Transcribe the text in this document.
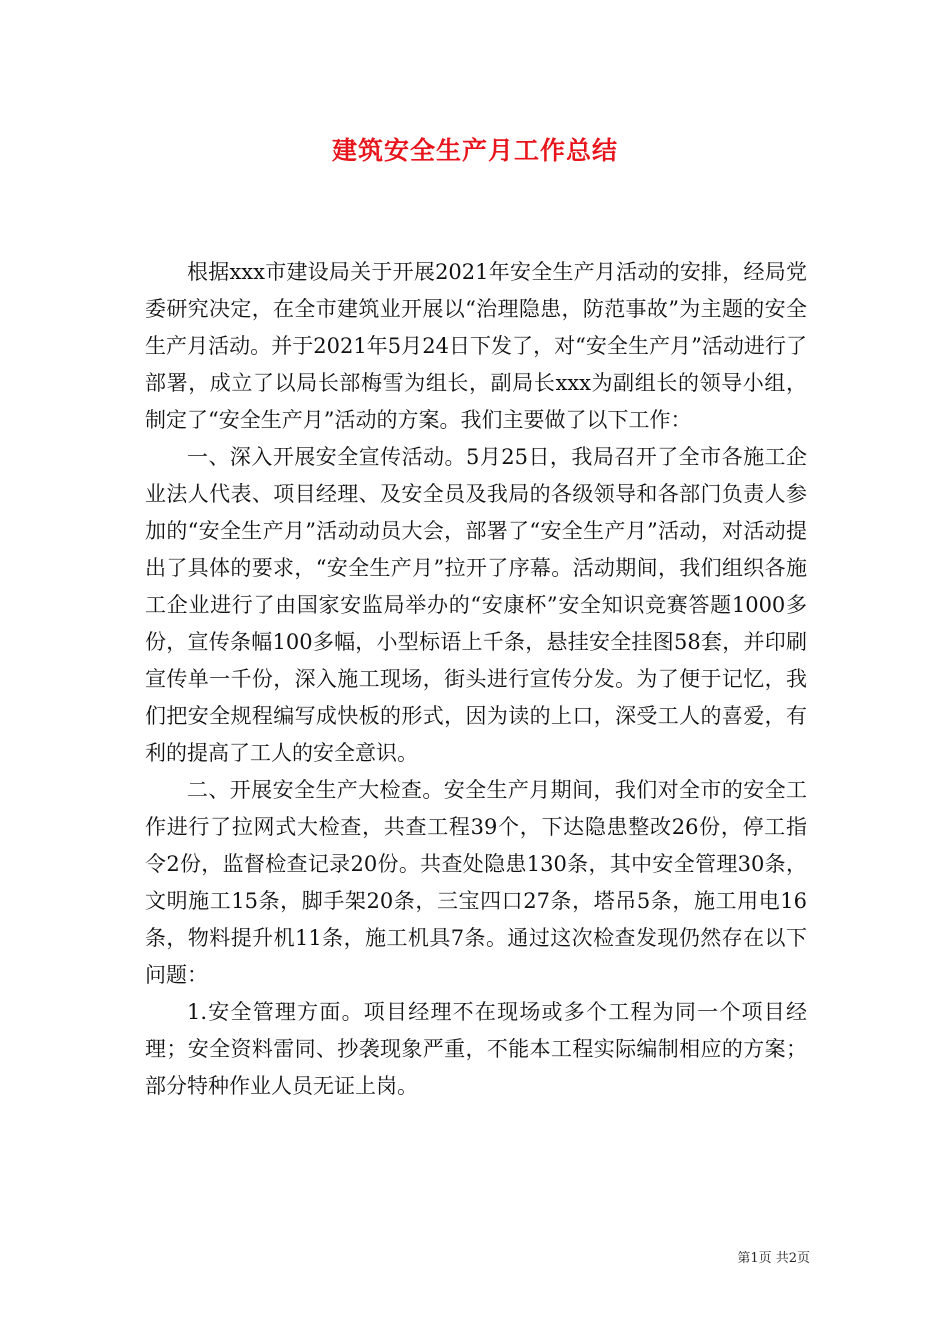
建筑安全生产月工作总结

根据xxx市建设局关于开展2021年安全生产月活动的安排，经局党委研究决定，在全市建筑业开展以“治理隐患，防范事故”为主题的安全生产月活动。并于2021年5月24日下发了，对“安全生产月”活动进行了部署，成立了以局长部梅雪为组长，副局长xxx为副组长的领导小组，制定了“安全生产月”活动的方案。我们主要做了以下工作：

一、深入开展安全宣传活动。5月25日，我局召开了全市各施工企业法人代表、项目经理、及安全员及我局的各级领导和各部门负责人参加的“安全生产月”活动动员大会，部署了“安全生产月”活动，对活动提出了具体的要求，“安全生产月”拉开了序幕。活动期间，我们组织各施工企业进行了由国家安监局举办的“安康杯”安全知识竞赛答题1000多份，宣传条幅100多幅，小型标语上千条，悬挂安全挂图58套，并印刷宣传单一千份，深入施工现场，街头进行宣传分发。为了便于记忆，我们把安全规程编写成快板的形式，因为读的上口，深受工人的喜爱，有利的提高了工人的安全意识。

二、开展安全生产大检查。安全生产月期间，我们对全市的安全工作进行了拉网式大检查，共查工程39个，下达隐患整改26份，停工指令2份，监督检查记录20份。共查处隐患130条，其中安全管理30条，文明施工15条，脚手架20条，三宝四口27条，塔吊5条，施工用电16条，物料提升机11条，施工机具7条。通过这次检查发现仍然存在以下问题：

1.安全管理方面。项目经理不在现场或多个工程为同一个项目经理；安全资料雷同、抄袭现象严重，不能本工程实际编制相应的方案；部分特种作业人员无证上岗。

第1页 共2页
